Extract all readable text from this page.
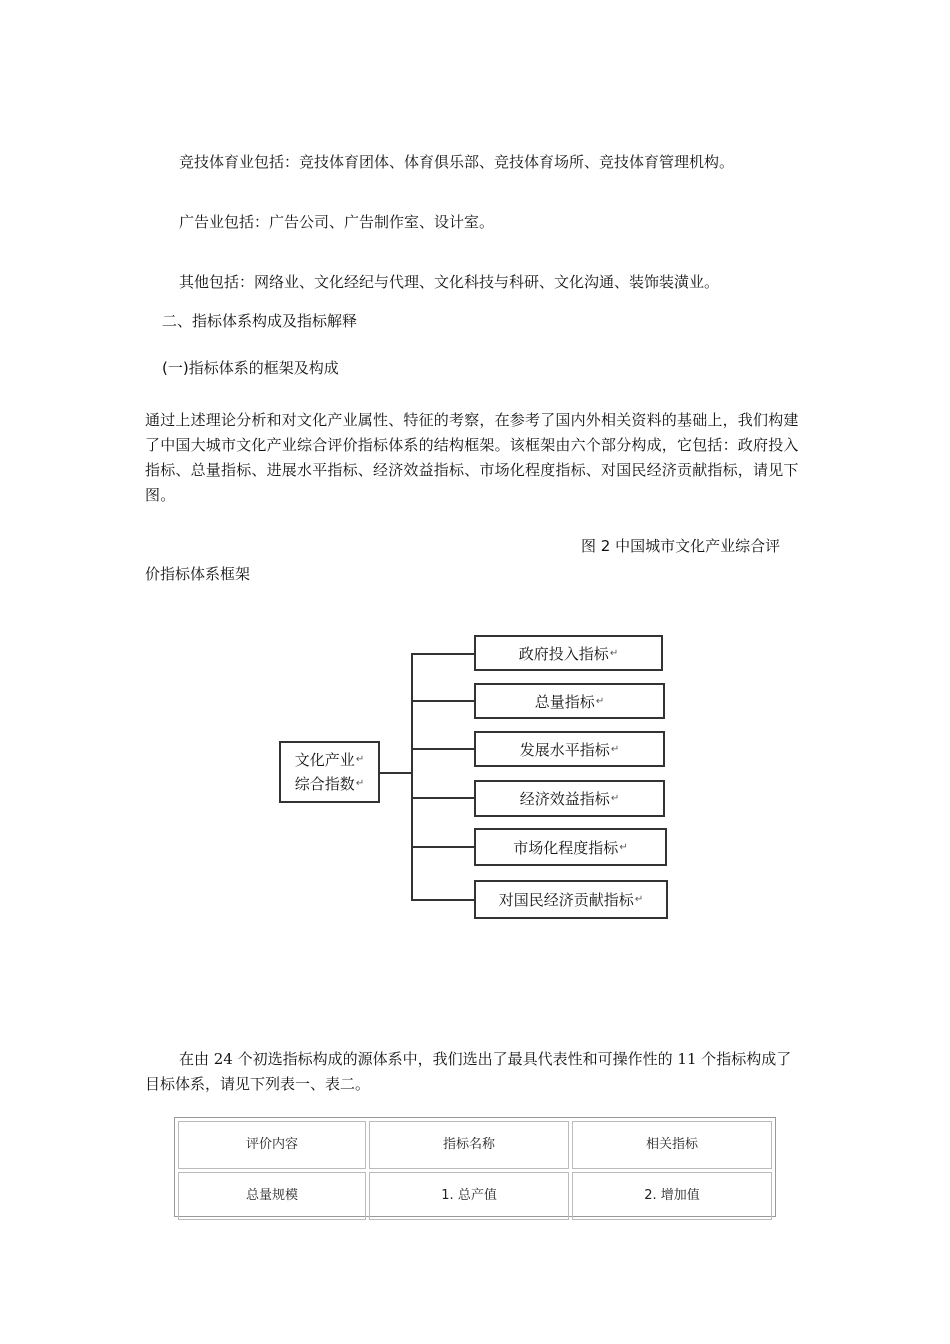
竞技体育业包括：竞技体育团体、体育俱乐部、竞技体育场所、竞技体育管理机构。

广告业包括：广告公司、广告制作室、设计室。

其他包括：网络业、文化经纪与代理、文化科技与科研、文化沟通、装饰装潢业。

二、指标体系构成及指标解释

(一)指标体系的框架及构成

通过上述理论分析和对文化产业属性、特征的考察，在参考了国内外相关资料的基础上，我们构建了中国大城市文化产业综合评价指标体系的结构框架。该框架由六个部分构成，它包括：政府投入指标、总量指标、进展水平指标、经济效益指标、市场化程度指标、对国民经济贡献指标，请见下图。

图 2 中国城市文化产业综合评

价指标体系框架

文化产业 ↵
综合指数 ↵
政府投入指标 ↵
总量指标 ↵
发展水平指标 ↵
经济效益指标 ↵
市场化程度指标 ↵
对国民经济贡献指标 ↵

在由 24 个初选指标构成的源体系中，我们选出了最具代表性和可操作性的 11 个指标构成了目标体系，请见下列表一、表二。

评价内容	指标名称	相关指标
总量规模	1. 总产值	2. 增加值
